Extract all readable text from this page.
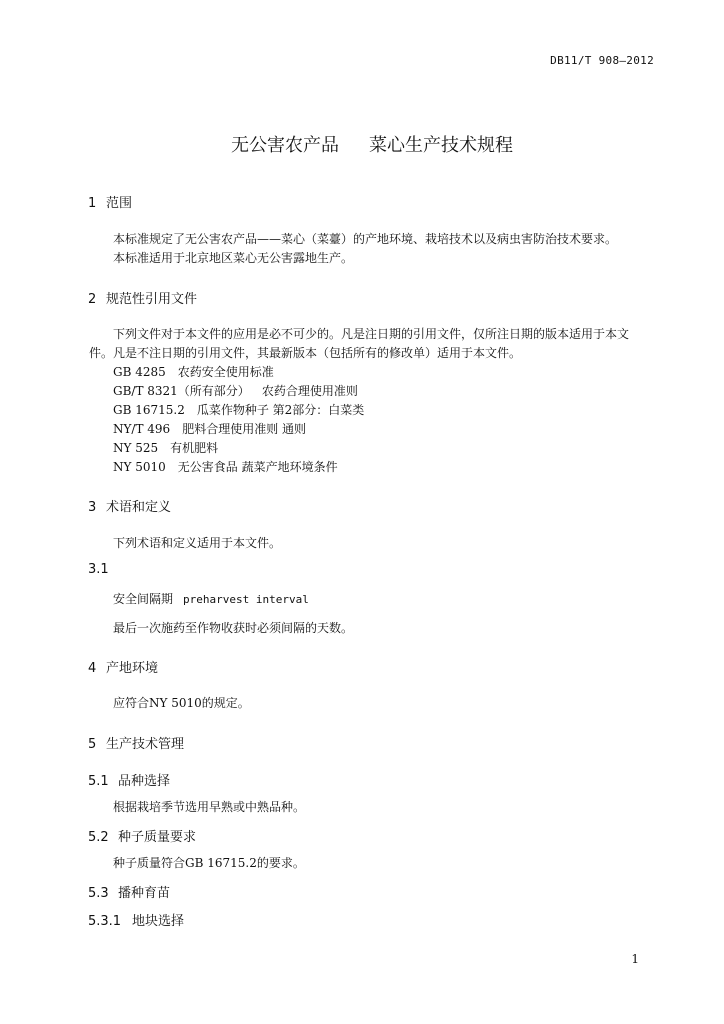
DB11/T 908—2012
无公害农产品 菜心生产技术规程
1 范围
本标准规定了无公害农产品——菜心（菜薹）的产地环境、栽培技术以及病虫害防治技术要求。
本标准适用于北京地区菜心无公害露地生产。
2 规范性引用文件
下列文件对于本文件的应用是必不可少的。凡是注日期的引用文件，仅所注日期的版本适用于本文
件。凡是不注日期的引用文件，其最新版本（包括所有的修改单）适用于本文件。
GB 4285 农药安全使用标准
GB/T 8321（所有部分） 农药合理使用准则
GB 16715.2 瓜菜作物种子 第2部分：白菜类
NY/T 496 肥料合理使用准则 通则
NY 525 有机肥料
NY 5010 无公害食品 蔬菜产地环境条件
3 术语和定义
下列术语和定义适用于本文件。
3.1
安全间隔期 preharvest interval
最后一次施药至作物收获时必须间隔的天数。
4 产地环境
应符合NY 5010的规定。
5 生产技术管理
5.1 品种选择
根据栽培季节选用早熟或中熟品种。
5.2 种子质量要求
种子质量符合GB 16715.2的要求。
5.3 播种育苗
5.3.1 地块选择
1
